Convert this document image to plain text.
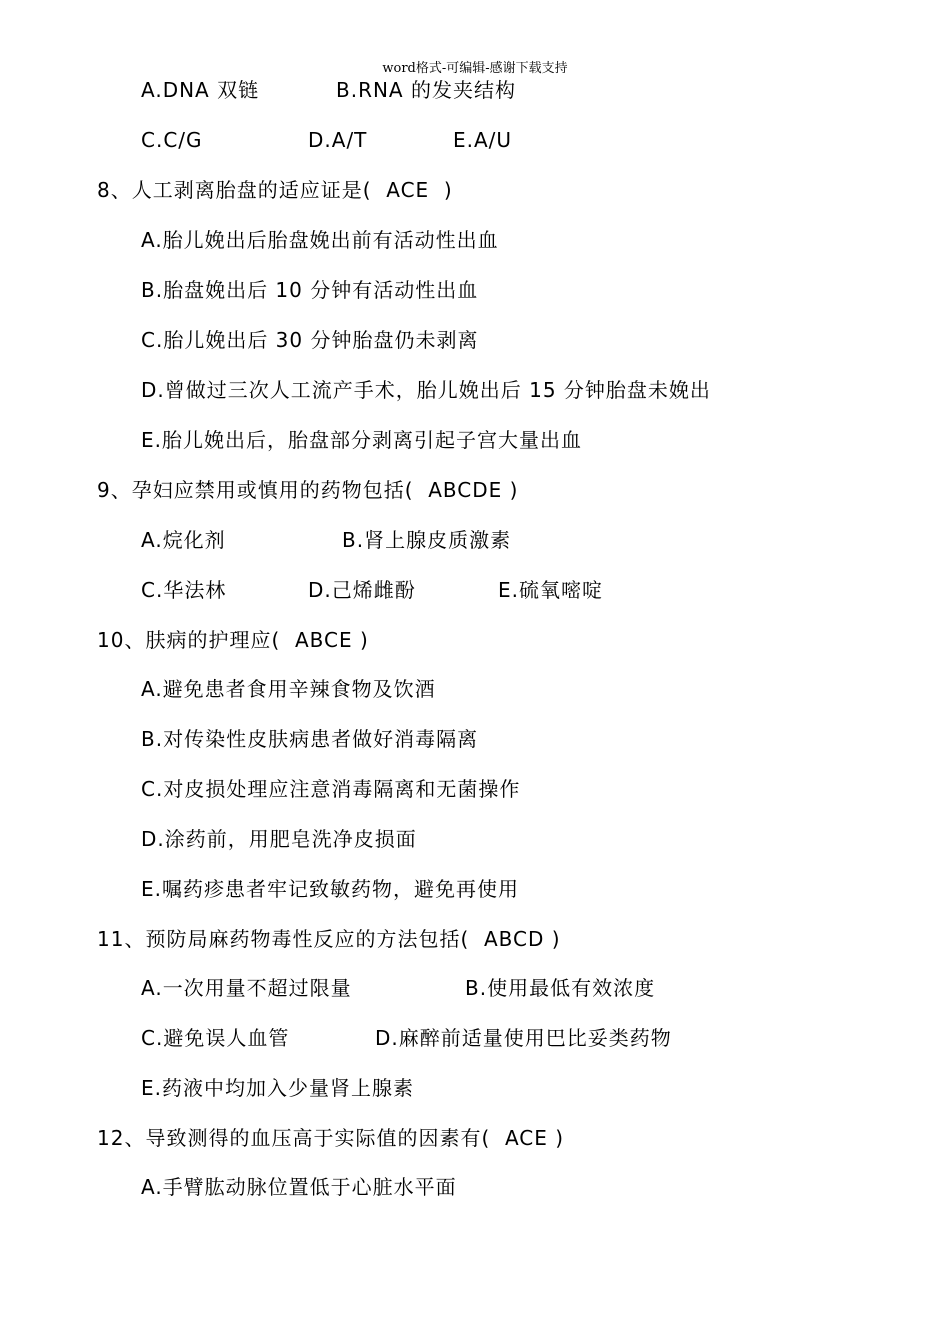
word格式-可编辑-感谢下载支持
A.DNA 双链	B.RNA 的发夹结构
C.C/G	D.A/T	E.A/U
8、人工剥离胎盘的适应证是(  ACE  )
A.胎儿娩出后胎盘娩出前有活动性出血
B.胎盘娩出后 10 分钟有活动性出血
C.胎儿娩出后 30 分钟胎盘仍未剥离
D.曾做过三次人工流产手术，胎儿娩出后 15 分钟胎盘未娩出
E.胎儿娩出后，胎盘部分剥离引起子宫大量出血
9、孕妇应禁用或慎用的药物包括(  ABCDE )
A.烷化剂	B.肾上腺皮质激素
C.华法林	D.己烯雌酚	E.硫氧嘧啶
10、肤病的护理应(  ABCE )
A.避免患者食用辛辣食物及饮酒
B.对传染性皮肤病患者做好消毒隔离
C.对皮损处理应注意消毒隔离和无菌操作
D.涂药前，用肥皂洗净皮损面
E.嘱药疹患者牢记致敏药物，避免再使用
11、预防局麻药物毒性反应的方法包括(  ABCD )
A.一次用量不超过限量	B.使用最低有效浓度
C.避免误人血管	D.麻醉前适量使用巴比妥类药物
E.药液中均加入少量肾上腺素
12、导致测得的血压高于实际值的因素有(  ACE )
A.手臂肱动脉位置低于心脏水平面
